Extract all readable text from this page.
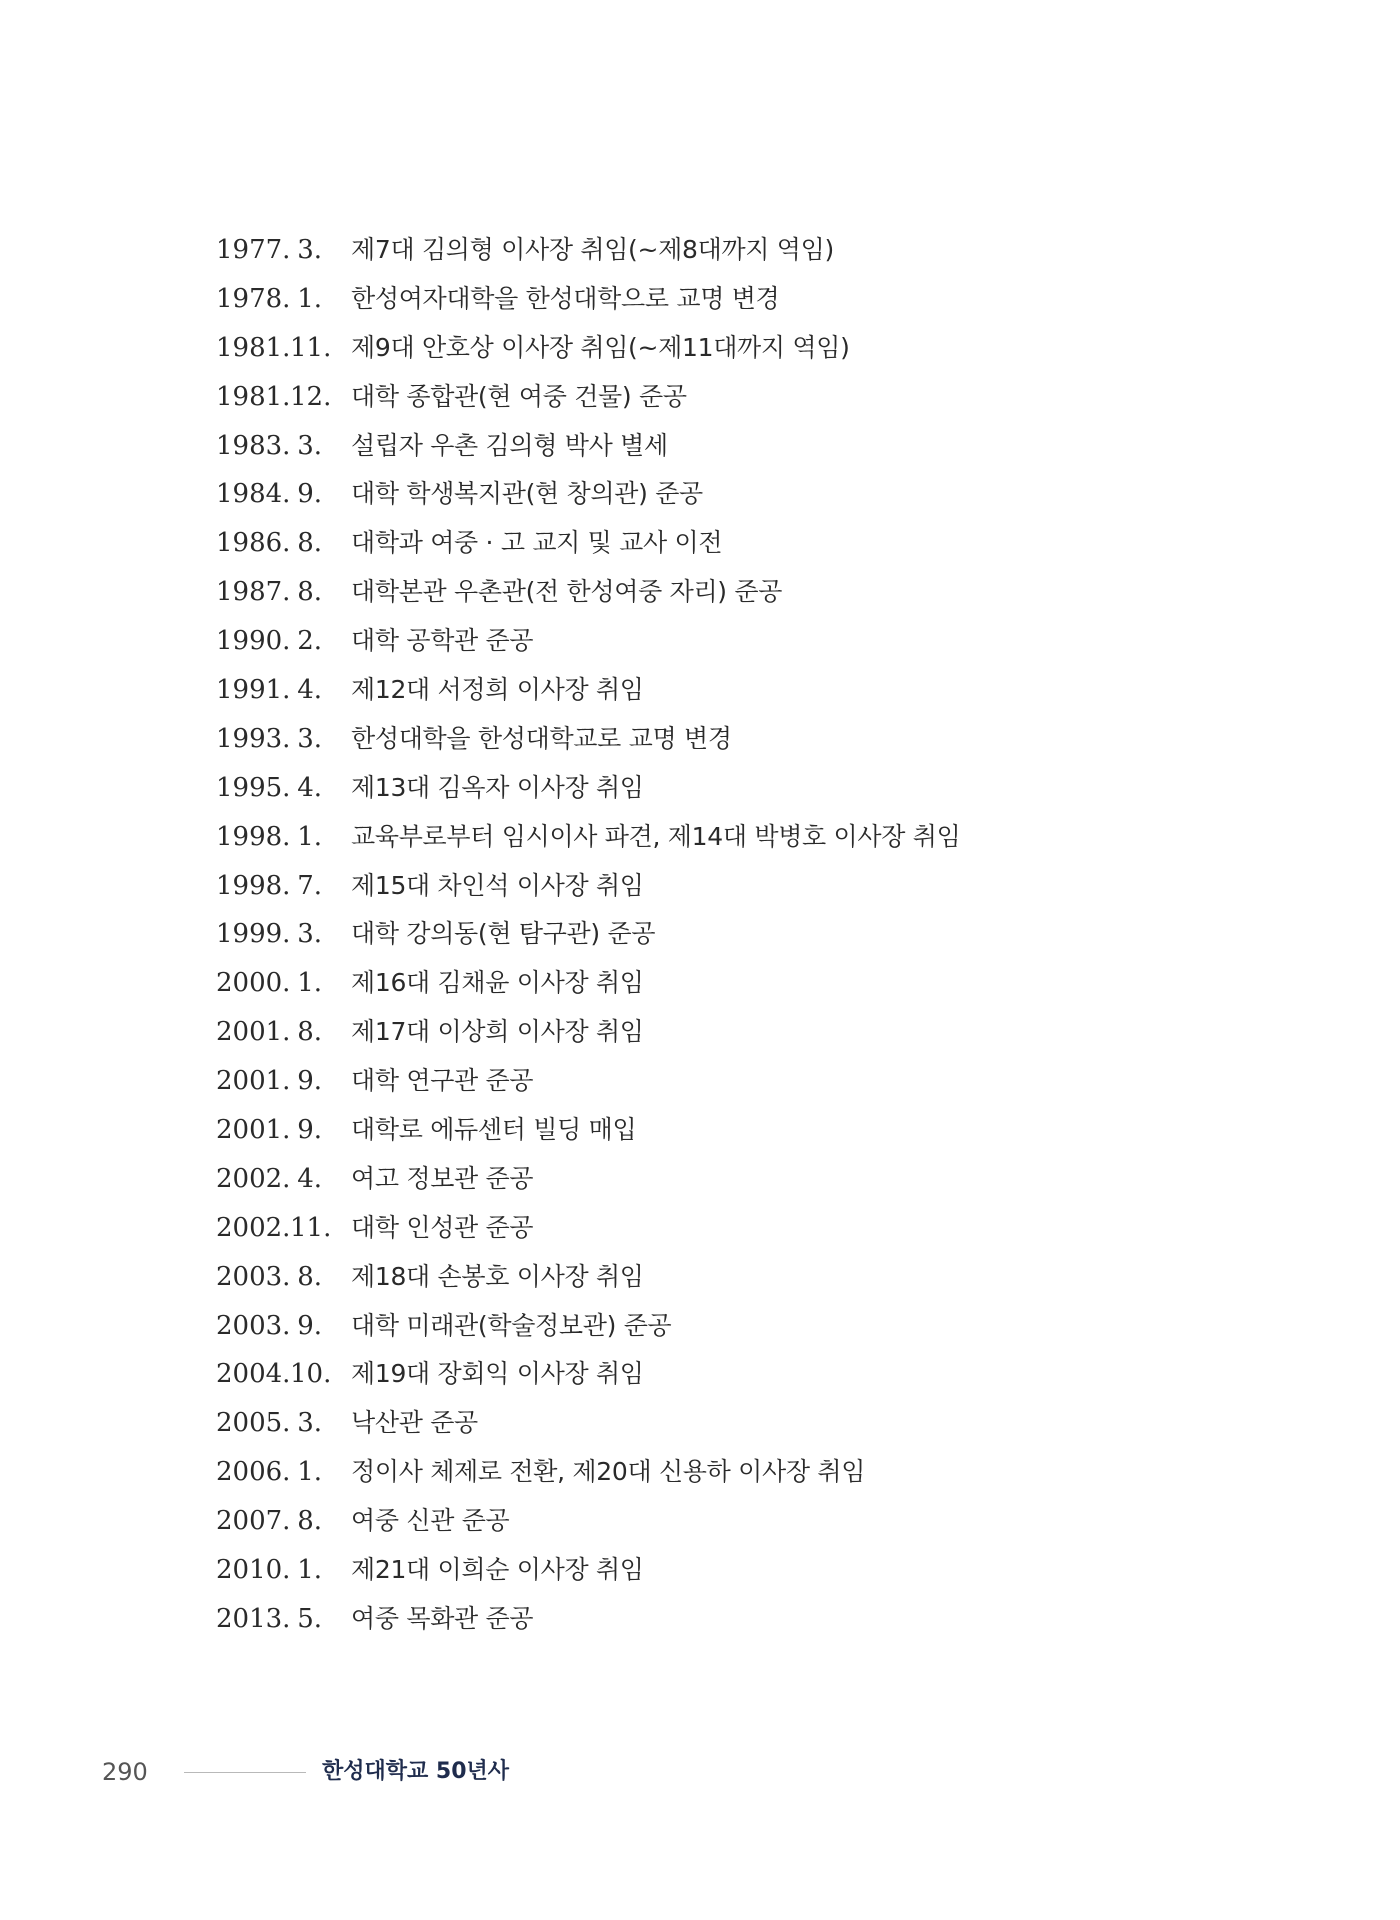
1977. 3. 제7대 김의형 이사장 취임(~제8대까지 역임)
1978. 1. 한성여자대학을 한성대학으로 교명 변경
1981. 11. 제9대 안호상 이사장 취임(~제11대까지 역임)
1981. 12. 대학 종합관(현 여중 건물) 준공
1983. 3. 설립자 우촌 김의형 박사 별세
1984. 9. 대학 학생복지관(현 창의관) 준공
1986. 8. 대학과 여중 · 고 교지 및 교사 이전
1987. 8. 대학본관 우촌관(전 한성여중 자리) 준공
1990. 2. 대학 공학관 준공
1991. 4. 제12대 서정희 이사장 취임
1993. 3. 한성대학을 한성대학교로 교명 변경
1995. 4. 제13대 김옥자 이사장 취임
1998. 1. 교육부로부터 임시이사 파견, 제14대 박병호 이사장 취임
1998. 7. 제15대 차인석 이사장 취임
1999. 3. 대학 강의동(현 탐구관) 준공
2000. 1. 제16대 김채윤 이사장 취임
2001. 8. 제17대 이상희 이사장 취임
2001. 9. 대학 연구관 준공
2001. 9. 대학로 에듀센터 빌딩 매입
2002. 4. 여고 정보관 준공
2002. 11. 대학 인성관 준공
2003. 8. 제18대 손봉호 이사장 취임
2003. 9. 대학 미래관(학술정보관) 준공
2004. 10. 제19대 장회익 이사장 취임
2005. 3. 낙산관 준공
2006. 1. 정이사 체제로 전환, 제20대 신용하 이사장 취임
2007. 8. 여중 신관 준공
2010. 1. 제21대 이희순 이사장 취임
2013. 5. 여중 목화관 준공
290	한성대학교 50년사
